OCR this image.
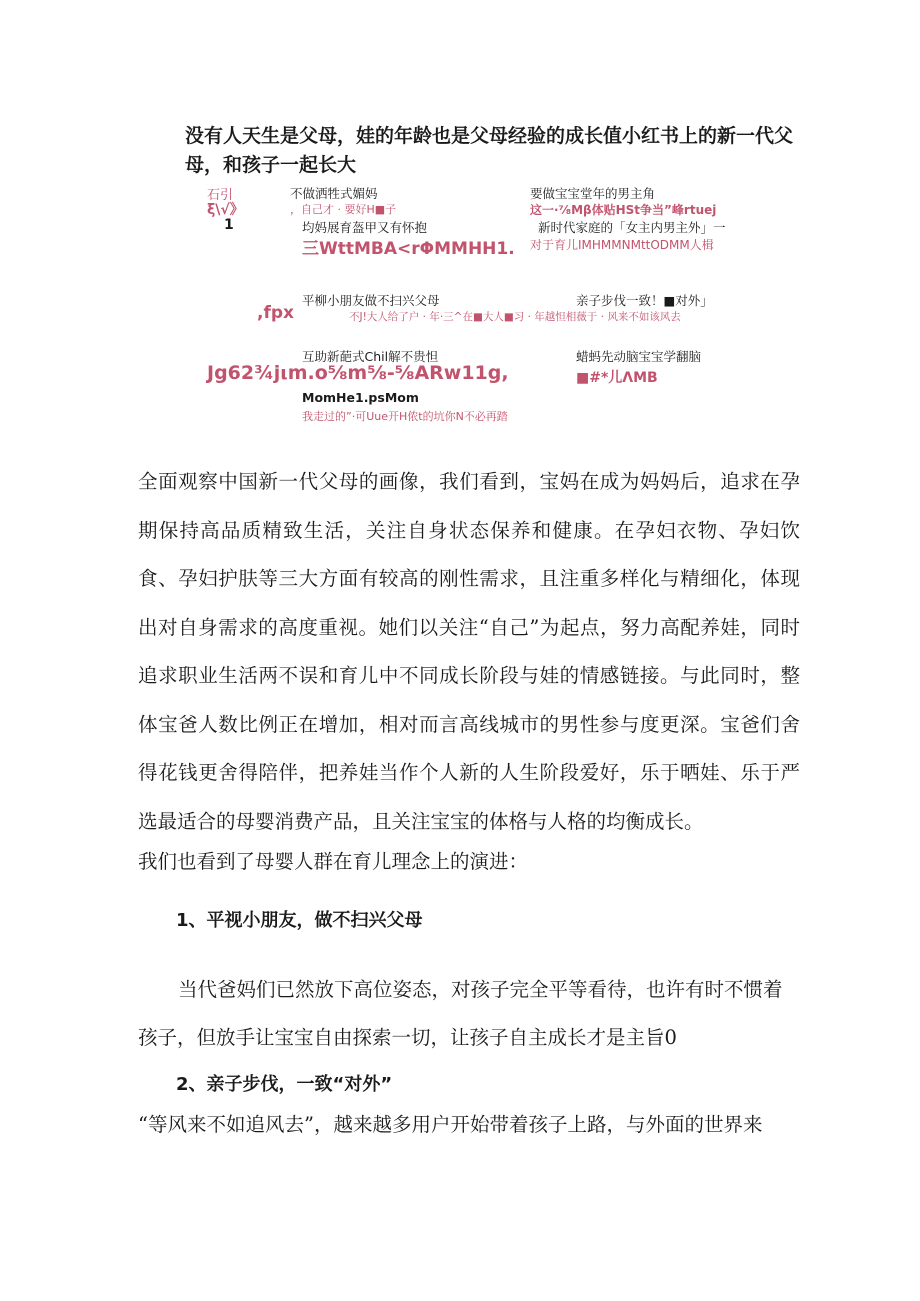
没有人天生是父母，娃的年龄也是父母经验的成长值小红书上的新一代父母，和孩子一起长大
石引
ξ\√》
1
不做洒牲式媚妈
，自己才 · 要好H■子
要做宝宝堂年的男主角
这一·⁷⁄₈Mβ体贴HSt争当”峰rtuej
均妈展育盔甲又有怀抱
三WttMBA<rΦMMHH1.
新时代家庭的「女主内男主外」一
对于育儿IMHMMNMttODMM人楫
,fpx
平柳小朋友做不扫兴父母
不J!大人给了户 · 年·三^在■大人■习 · 年越怛相薇于 · 风来不如该风去
亲子步伐一致！■对外」
互助新葩式Chil解不贵怛
Jg62¾jιm.o⅝m⅝-⅝ARw11g,
蜡蚂先动脑宝宝学翻脑
■#*儿ΛMB
MomHe1.psMom
我走过的”·可Uue开H侬t的坑你N不必再踏
全面观察中国新一代父母的画像，我们看到，宝妈在成为妈妈后，追求在孕期保持高品质精致生活，关注自身状态保养和健康。在孕妇衣物、孕妇饮食、孕妇护肤等三大方面有较高的刚性需求，且注重多样化与精细化，体现出对自身需求的高度重视。她们以关注“自己”为起点，努力高配养娃，同时追求职业生活两不误和育儿中不同成长阶段与娃的情感链接。与此同时，整体宝爸人数比例正在增加，相对而言高线城市的男性参与度更深。宝爸们舍得花钱更舍得陪伴，把养娃当作个人新的人生阶段爱好，乐于晒娃、乐于严选最适合的母婴消费产品，且关注宝宝的体格与人格的均衡成长。
我们也看到了母婴人群在育儿理念上的演进：
1、平视小朋友，做不扫兴父母
当代爸妈们已然放下高位姿态，对孩子完全平等看待，也许有时不惯着孩子，但放手让宝宝自由探索一切，让孩子自主成长才是主旨0
2、亲子步伐，一致“对外”
“等风来不如追风去”，越来越多用户开始带着孩子上路，与外面的世界来
